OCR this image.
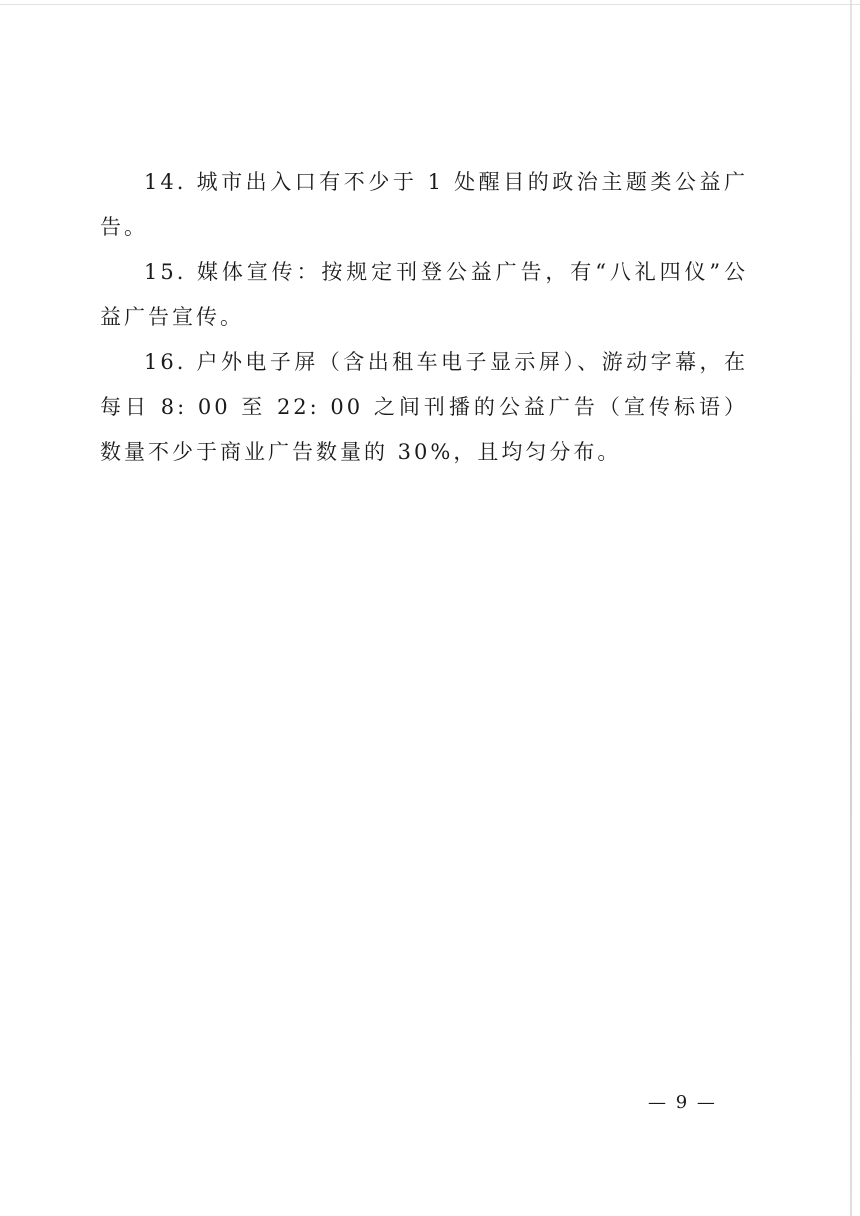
14. 城市出入口有不少于 1 处醒目的政治主题类公益广告。

15. 媒体宣传：按规定刊登公益广告，有“八礼四仪”公益广告宣传。

16. 户外电子屏（含出租车电子显示屏）、游动字幕，在每日 8: 00 至 22: 00 之间刊播的公益广告（宣传标语）数量不少于商业广告数量的 30%，且均匀分布。

— 9 —
